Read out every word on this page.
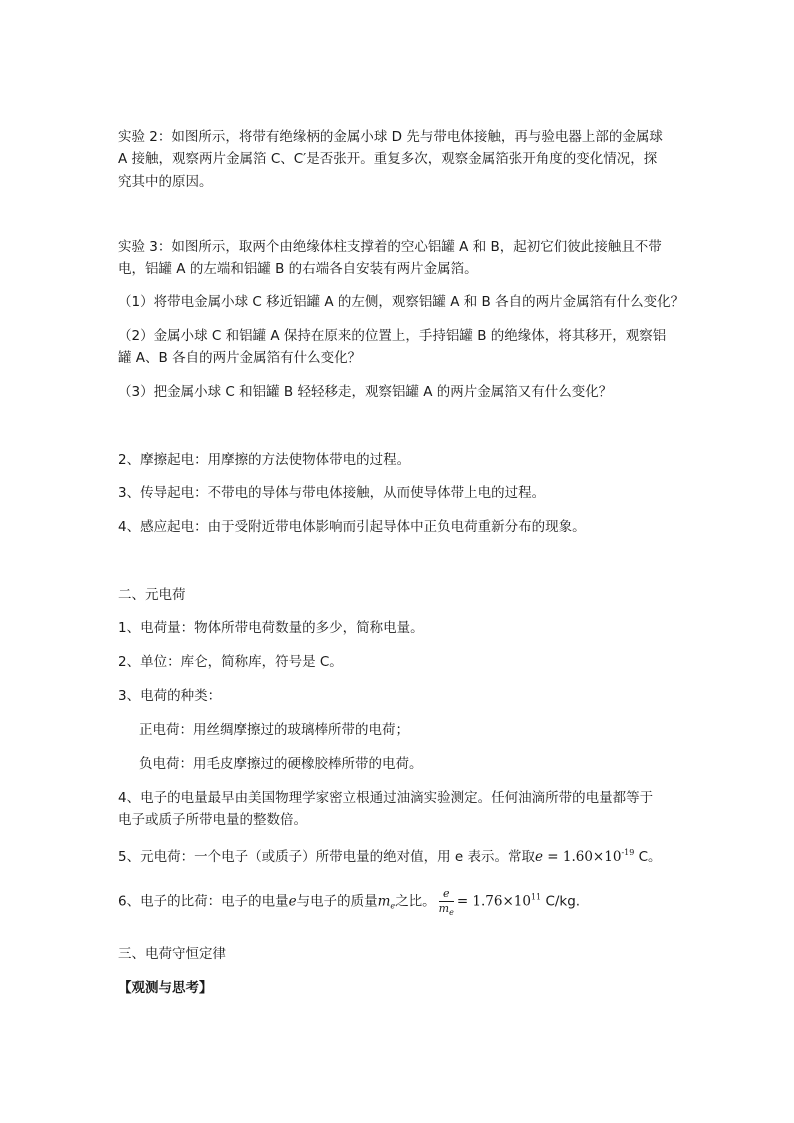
实验 2：如图所示，将带有绝缘柄的金属小球 D 先与带电体接触，再与验电器上部的金属球
A 接触，观察两片金属箔 C、C′是否张开。重复多次，观察金属箔张开角度的变化情况，探
究其中的原因。
实验 3：如图所示，取两个由绝缘体柱支撑着的空心铝罐 A 和 B，起初它们彼此接触且不带
电，铝罐 A 的左端和铝罐 B 的右端各自安装有两片金属箔。
（1）将带电金属小球 C 移近铝罐 A 的左侧，观察铝罐 A 和 B 各自的两片金属箔有什么变化？
（2）金属小球 C 和铝罐 A 保持在原来的位置上，手持铝罐 B 的绝缘体，将其移开，观察铝
罐 A、B 各自的两片金属箔有什么变化？
（3）把金属小球 C 和铝罐 B 轻轻移走，观察铝罐 A 的两片金属箔又有什么变化？
2、摩擦起电：用摩擦的方法使物体带电的过程。
3、传导起电：不带电的导体与带电体接触，从而使导体带上电的过程。
4、感应起电：由于受附近带电体影响而引起导体中正负电荷重新分布的现象。
二、元电荷
1、电荷量：物体所带电荷数量的多少，简称电量。
2、单位：库仑，简称库，符号是 C。
3、电荷的种类：
正电荷：用丝绸摩擦过的玻璃棒所带的电荷；
负电荷：用毛皮摩擦过的硬橡胶棒所带的电荷。
4、电子的电量最早由美国物理学家密立根通过油滴实验测定。任何油滴所带的电量都等于
电子或质子所带电量的整数倍。
5、元电荷：一个电子（或质子）所带电量的绝对值，用 e 表示。常取$e = 1.60\times 10^{-19}$ C。
6、电子的比荷：电子的电量e与电子的质量$m_e$之比。 $\frac{e}{m_e} = 1.76\times 10^{11}$ C/kg.
三、电荷守恒定律
【观测与思考】
